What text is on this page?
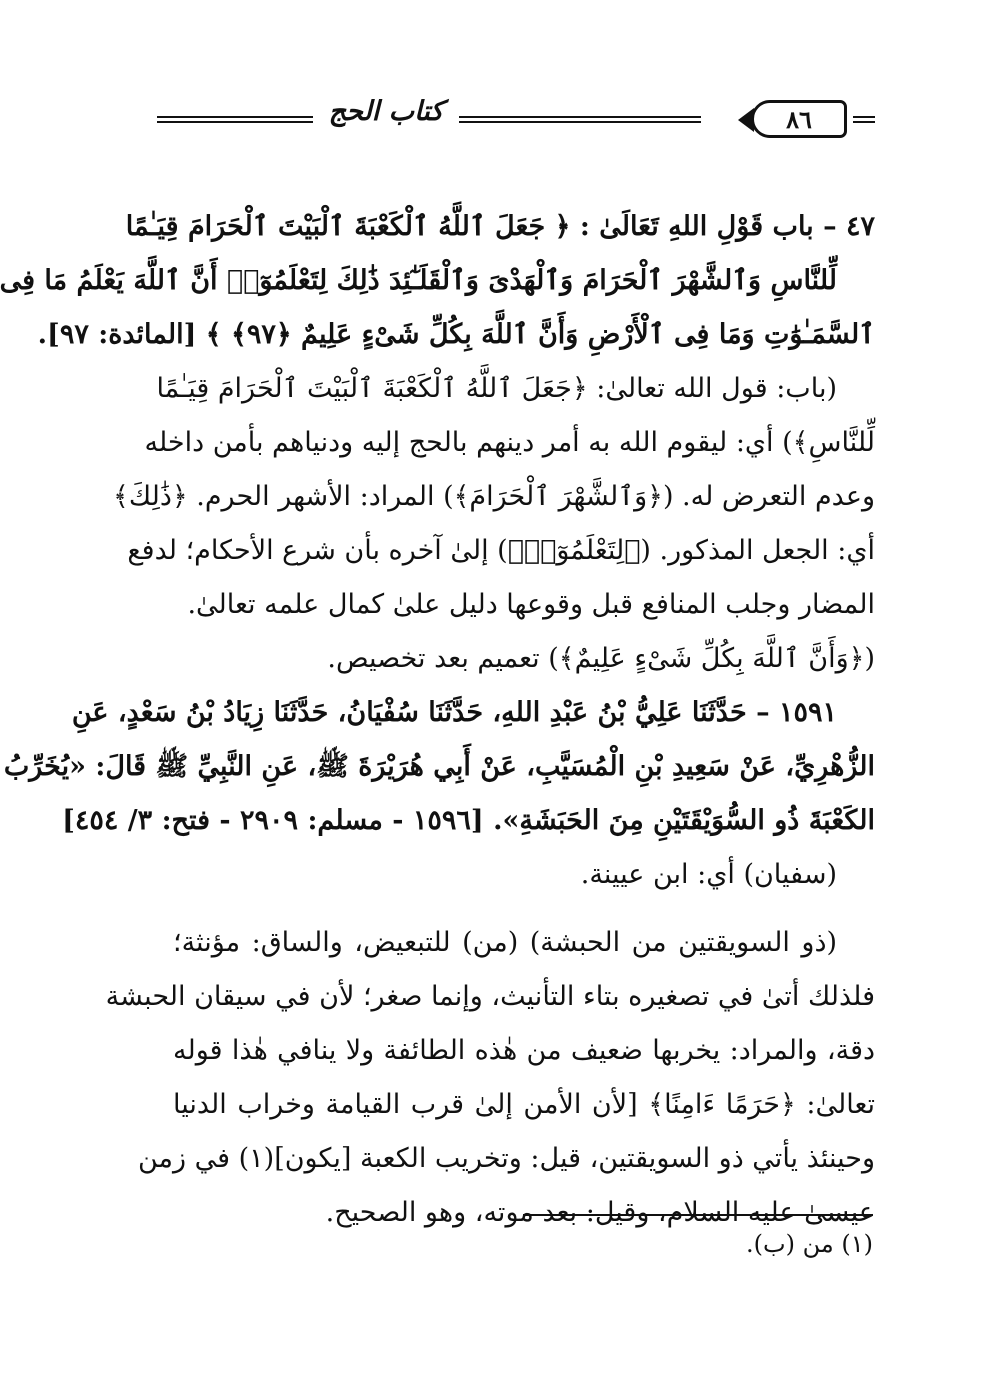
٨٦
كتاب الحج
٤٧ – باب قَوْلِ اللهِ تَعَالَىٰ : ﴿ جَعَلَ ٱللَّهُ ٱلْكَعْبَةَ ٱلْبَيْتَ ٱلْحَرَامَ قِيَـٰمًا
لِّلنَّاسِ وَٱلشَّهْرَ ٱلْحَرَامَ وَٱلْهَدْىَ وَٱلْقَلَـٰٓئِدَ ذَٰلِكَ لِتَعْلَمُوٓا۟ أَنَّ ٱللَّهَ يَعْلَمُ مَا فِى
ٱلسَّمَـٰوَٰتِ وَمَا فِى ٱلْأَرْضِ وَأَنَّ ٱللَّهَ بِكُلِّ شَىْءٍ عَلِيمٌ ﴿٩٧﴾ ﴾ [المائدة: ٩٧].
(باب: قول الله تعالىٰ: ﴿جَعَلَ ٱللَّهُ ٱلْكَعْبَةَ ٱلْبَيْتَ ٱلْحَرَامَ قِيَـٰمًا
لِّلنَّاسِ﴾) أي: ليقوم الله به أمر دينهم بالحج إليه ودنياهم بأمن داخله
وعدم التعرض له. (﴿وَٱلشَّهْرَ ٱلْحَرَامَ﴾) المراد: الأشهر الحرم. ﴿ذَٰلِكَ﴾
أي: الجعل المذكور. (﴿لِتَعْلَمُوٓا۟﴾) إلىٰ آخره بأن شرع الأحكام؛ لدفع
المضار وجلب المنافع قبل وقوعها دليل علىٰ كمال علمه تعالىٰ.
(﴿وَأَنَّ ٱللَّهَ بِكُلِّ شَىْءٍ عَلِيمٌ﴾) تعميم بعد تخصيص.
١٥٩١ – حَدَّثَنَا عَلِيُّ بْنُ عَبْدِ اللهِ، حَدَّثَنَا سُفْيَانُ، حَدَّثَنَا زِيَادُ بْنُ سَعْدٍ، عَنِ
الزُّهْرِيِّ، عَنْ سَعِيدِ بْنِ الْمُسَيَّبِ، عَنْ أَبِي هُرَيْرَةَ ﷺ، عَنِ النَّبِيِّ ﷺ قَالَ: «يُخَرِّبُ
الكَعْبَةَ ذُو السُّوَيْقَتَيْنِ مِنَ الحَبَشَةِ». [١٥٩٦ - مسلم: ٢٩٠٩ - فتح: ٣/ ٤٥٤]
(سفيان) أي: ابن عيينة.
(ذو السويقتين من الحبشة) (من) للتبعيض، والساق: مؤنثة؛
فلذلك أتىٰ في تصغيره بتاء التأنيث، وإنما صغر؛ لأن في سيقان الحبشة
دقة، والمراد: يخربها ضعيف من هٰذه الطائفة ولا ينافي هٰذا قوله
تعالىٰ: ﴿حَرَمًا ءَامِنًا﴾ [لأن الأمن إلىٰ قرب القيامة وخراب الدنيا
وحينئذ يأتي ذو السويقتين، قيل: وتخريب الكعبة [يكون](١) في زمن
عيسىٰ عليه السلام، وقيل: بعد موته، وهو الصحيح.
(١) من (ب).
